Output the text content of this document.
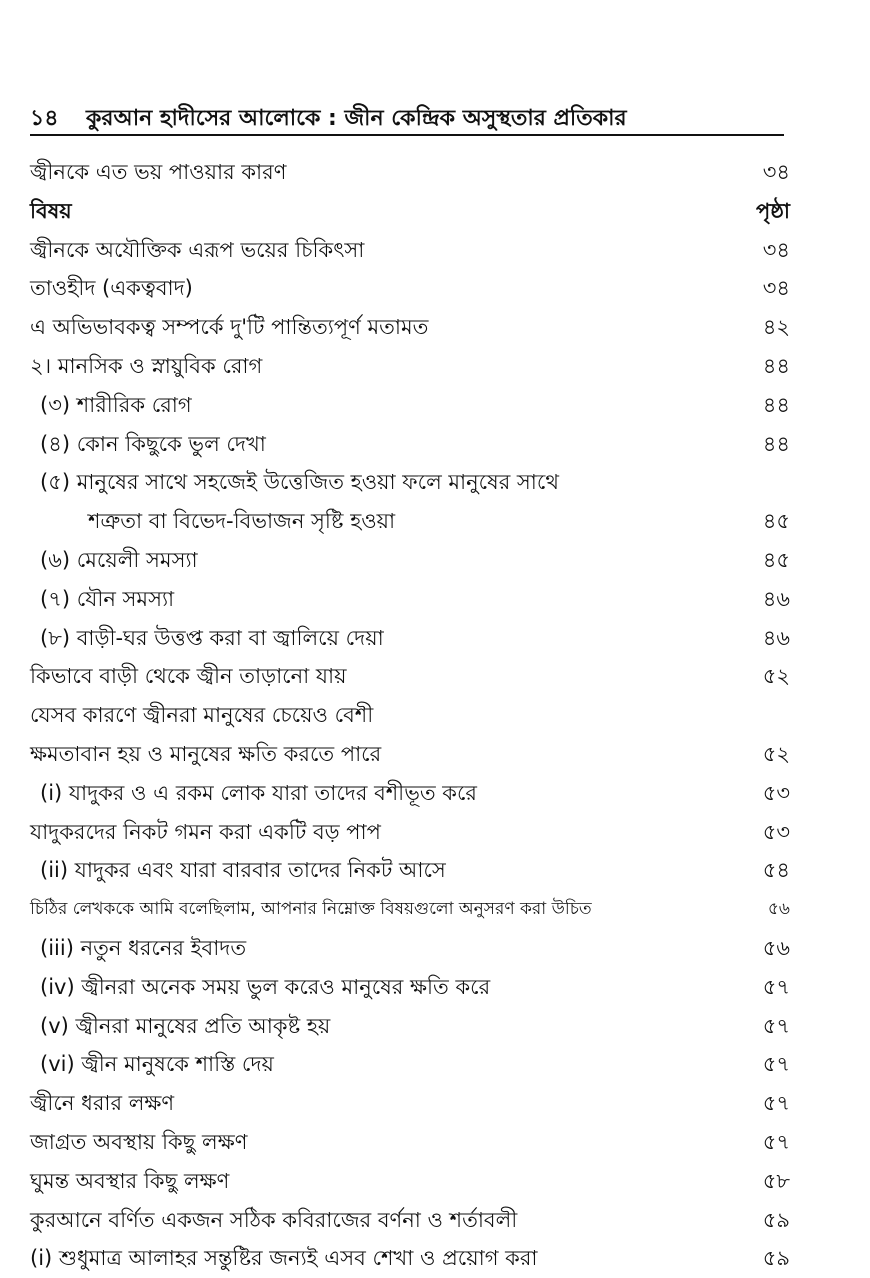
১৪ কুরআন হাদীসের আলোকে : জীন কেন্দ্রিক অসুস্থতার প্রতিকার
জ্বীনকে এত ভয় পাওয়ার কারণ	৩৪
বিষয়	পৃষ্ঠা
জ্বীনকে অযৌক্তিক এরূপ ভয়ের চিকিৎসা	৩৪
তাওহীদ (একত্ববাদ)	৩৪
এ অভিভাবকত্ব সম্পর্কে দু'টি পান্তিত্যপূর্ণ মতামত	৪২
২। মানসিক ও স্নায়ুবিক রোগ	৪৪
(৩) শারীরিক রোগ	৪৪
(৪) কোন কিছুকে ভুল দেখা	৪৪
(৫) মানুষের সাথে সহজেই উত্তেজিত হওয়া ফলে মানুষের সাথে
শত্রুতা বা বিভেদ-বিভাজন সৃষ্টি হওয়া	৪৫
(৬) মেয়েলী সমস্যা	৪৫
(৭) যৌন সমস্যা	৪৬
(৮) বাড়ী-ঘর উত্তপ্ত করা বা জ্বালিয়ে দেয়া	৪৬
কিভাবে বাড়ী থেকে জ্বীন তাড়ানো যায়	৫২
যেসব কারণে জ্বীনরা মানুষের চেয়েও বেশী
ক্ষমতাবান হয় ও মানুষের ক্ষতি করতে পারে	৫২
(i) যাদুকর ও এ রকম লোক যারা তাদের বশীভূত করে	৫৩
যাদুকরদের নিকট গমন করা একটি বড় পাপ	৫৩
(ii) যাদুকর এবং যারা বারবার তাদের নিকট আসে	৫৪
চিঠির লেখককে আমি বলেছিলাম, আপনার নিম্নোক্ত বিষয়গুলো অনুসরণ করা উচিত	৫৬
(iii) নতুন ধরনের ইবাদত	৫৬
(iv) জ্বীনরা অনেক সময় ভুল করেও মানুষের ক্ষতি করে	৫৭
(v) জ্বীনরা মানুষের প্রতি আকৃষ্ট হয়	৫৭
(vi) জ্বীন মানুষকে শাস্তি দেয়	৫৭
জ্বীনে ধরার লক্ষণ	৫৭
জাগ্রত অবস্থায় কিছু লক্ষণ	৫৭
ঘুমন্ত অবস্থার কিছু লক্ষণ	৫৮
কুরআনে বর্ণিত একজন সঠিক কবিরাজের বর্ণনা ও শর্তাবলী	৫৯
(i) শুধুমাত্র আলাহর সন্তুষ্টির জন্যই এসব শেখা ও প্রয়োগ করা	৫৯
